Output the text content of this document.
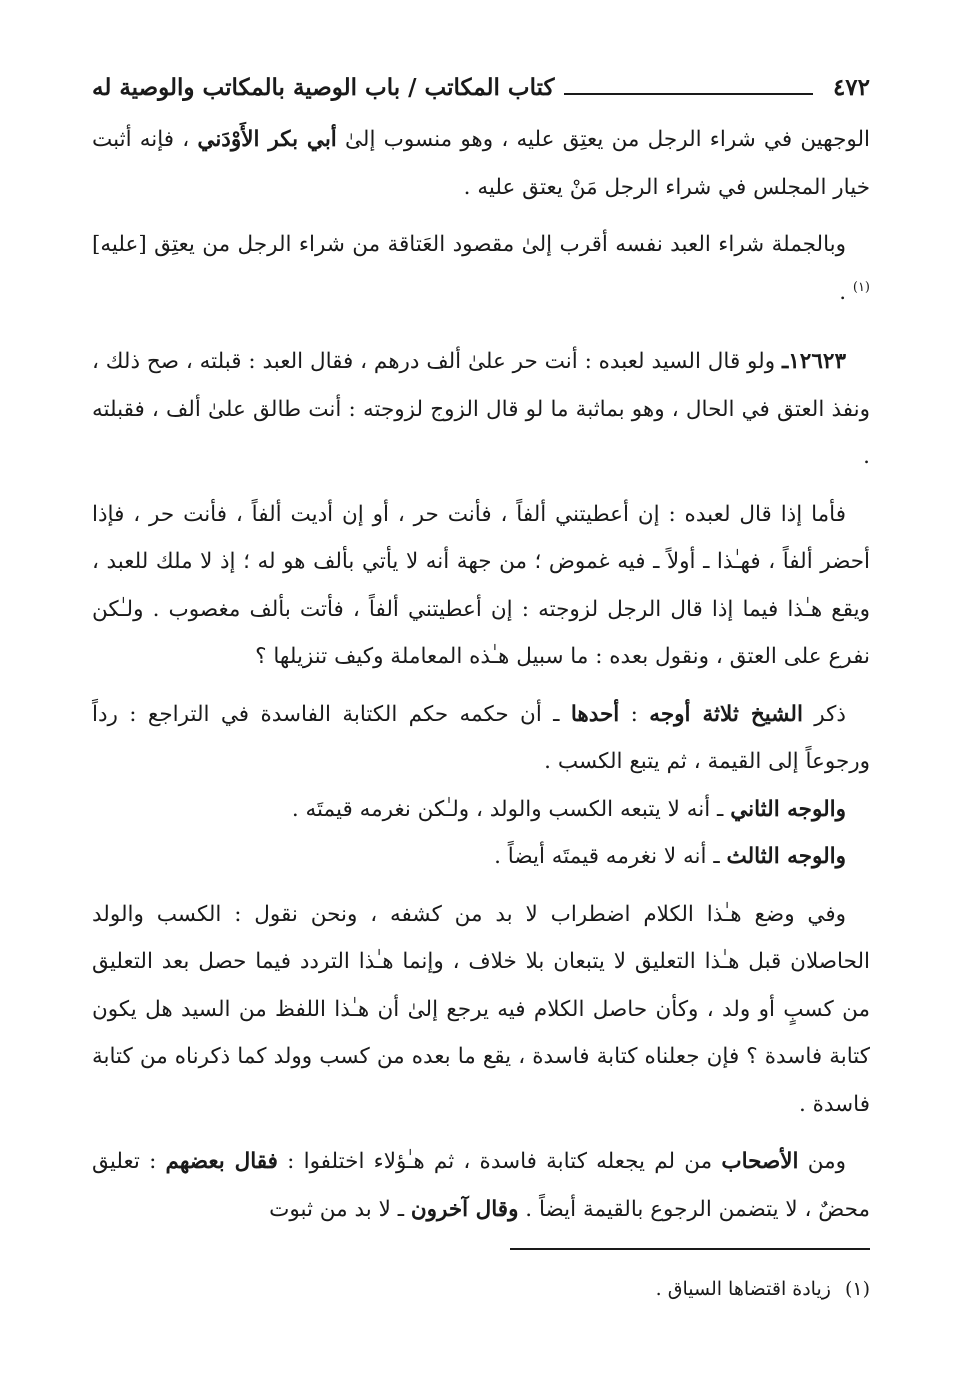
٤٧٢
كتاب المكاتب / باب الوصية بالمكاتب والوصية له

الوجهين في شراء الرجل من يعتِق عليه ، وهو منسوب إلىٰ أبي بكر الأَوْدَني ، فإنه أثبت خيار المجلس في شراء الرجل مَنْ يعتق عليه .

وبالجملة شراء العبد نفسه أقرب إلىٰ مقصود العَتاقة من شراء الرجل من يعتِق [عليه]$^{(١)}$ .

١٢٦٢٣ـ ولو قال السيد لعبده : أنت حر علىٰ ألف درهم ، فقال العبد : قبلته ، صح ذلك ، ونفذ العتق في الحال ، وهو بماثبة ما لو قال الزوج لزوجته : أنت طالق علىٰ ألف ، فقبلته .

فأما إذا قال لعبده : إن أعطيتني ألفاً ، فأنت حر ، أو إن أديت ألفاً ، فأنت حر ، فإذا أحضر ألفاً ، فهـٰذا ـ أولاً ـ فيه غموض ؛ من جهة أنه لا يأتي بألف هو له ؛ إذ لا ملك للعبد ، ويقع هـٰذا فيما إذا قال الرجل لزوجته : إن أعطيتني ألفاً ، فأتت بألف مغصوب . ولـٰكن نفرع على العتق ، ونقول بعده : ما سبيل هـٰذه المعاملة وكيف تنزيلها ؟

ذكر الشيخ ثلاثة أوجه : أحدها ـ أن حكمه حكم الكتابة الفاسدة في التراجع : رداً ورجوعاً إلى القيمة ، ثم يتبع الكسب .

والوجه الثاني ـ أنه لا يتبعه الكسب والولد ، ولـٰكن نغرمه قيمتَه .

والوجه الثالث ـ أنه لا نغرمه قيمتَه أيضاً .

وفي وضع هـٰذا الكلام اضطراب لا بد من كشفه ، ونحن نقول : الكسب والولد الحاصلان قبل هـٰذا التعليق لا يتبعان بلا خلاف ، وإنما هـٰذا التردد فيما حصل بعد التعليق من كسبٍ أو ولد ، وكأن حاصل الكلام فيه يرجع إلىٰ أن هـٰذا اللفظ من السيد هل يكون كتابة فاسدة ؟ فإن جعلناه كتابة فاسدة ، يقع ما بعده من كسب وولد كما ذكرناه من كتابة فاسدة .

ومن الأصحاب من لم يجعله كتابة فاسدة ، ثم هـٰؤلاء اختلفوا : فقال بعضهم : تعليق محضٌ ، لا يتضمن الرجوع بالقيمة أيضاً . وقال آخرون ـ لا بد من ثبوت

(١)زيادة اقتضاها السياق .
